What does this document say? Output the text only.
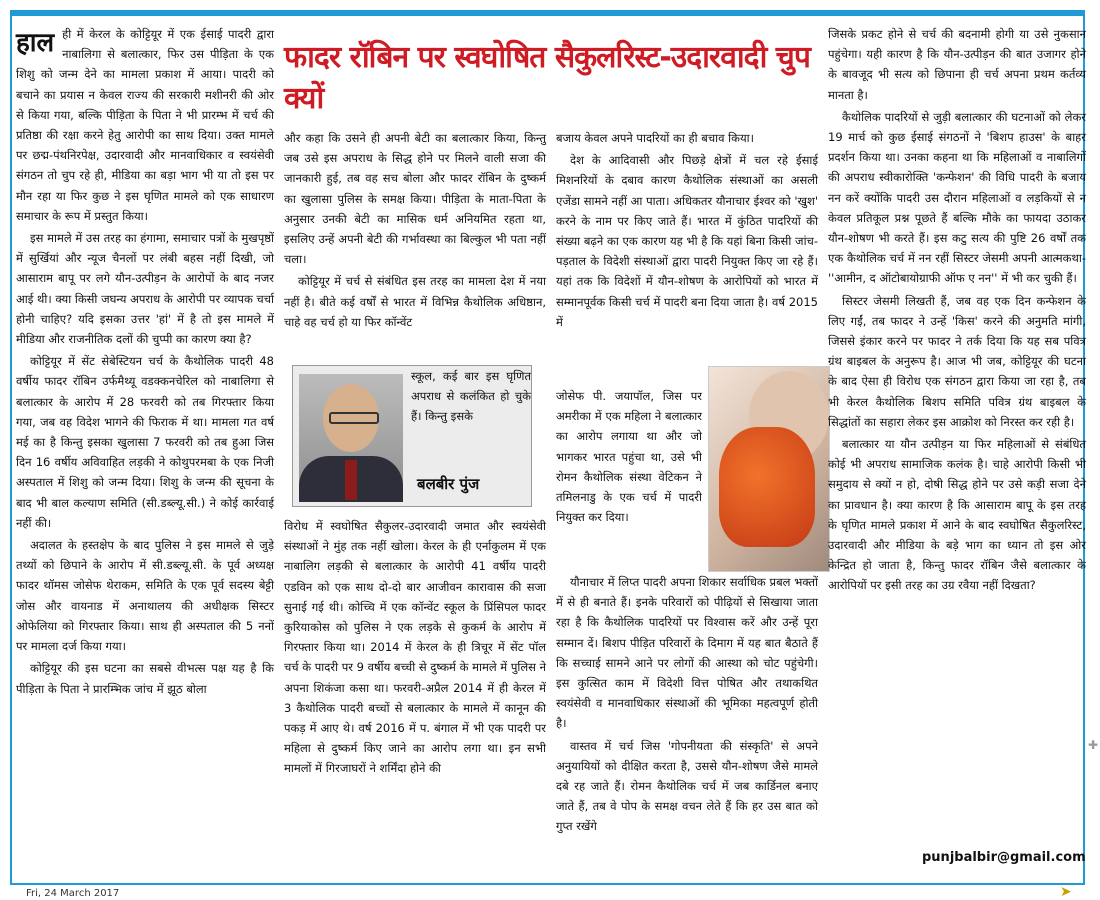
फादर रॉबिन पर स्वघोषित सैकुलरिस्ट-उदारवादी चुप क्यों

हाल ही में केरल के कोट्टियूर में एक ईसाई पादरी द्वारा नाबालिगा से बलात्कार, फिर उस पीड़िता के एक शिशु को जन्म देने का मामला प्रकाश में आया। पादरी को बचाने का प्रयास न केवल राज्य की सरकारी मशीनरी की ओर से किया गया, बल्कि पीड़िता के पिता ने भी प्रारम्भ में चर्च की प्रतिष्ठा की रक्षा करने हेतु आरोपी का साथ दिया। उक्त मामले पर छद्म-पंथनिरपेक्ष, उदारवादी और मानवाधिकार व स्वयंसेवी संगठन तो चुप रहे ही, मीडिया का बड़ा भाग भी या तो इस पर मौन रहा या फिर कुछ ने इस घृणित मामले को एक साधारण समाचार के रूप में प्रस्तुत किया।

इस मामले में उस तरह का हंगामा, समाचार पत्रों के मुखपृष्ठों में सुर्खियां और न्यूज चैनलों पर लंबी बहस नहीं दिखी, जो आसाराम बापू पर लगे यौन-उत्पीड़न के आरोपों के बाद नजर आई थी। क्या किसी जघन्य अपराध के आरोपी पर व्यापक चर्चा होनी चाहिए? यदि इसका उत्तर 'हां' में है तो इस मामले में मीडिया और राजनीतिक दलों की चुप्पी का कारण क्या है?

कोट्टियूर में सेंट सेबेस्टियन चर्च के कैथोलिक पादरी 48 वर्षीय फादर रॉबिन उर्फमैथ्यू वडक्कनचेरिल को नाबालिगा से बलात्कार के आरोप में 28 फरवरी को तब गिरफ्तार किया गया, जब वह विदेश भागने की फिराक में था। मामला गत वर्ष मई का है किन्तु इसका खुलासा 7 फरवरी को तब हुआ जिस दिन 16 वर्षीय अविवाहित लड़की ने कोथुपरमबा के एक निजी अस्पताल में शिशु को जन्म दिया। शिशु के जन्म की सूचना के बाद भी बाल कल्याण समिति (सी.डब्ल्यू.सी.) ने कोई कार्रवाई नहीं की।

अदालत के हस्तक्षेप के बाद पुलिस ने इस मामले से जुड़े तथ्यों को छिपाने के आरोप में सी.डब्ल्यू.सी. के पूर्व अध्यक्ष फादर थॉमस जोसेफ थेराकम, समिति के एक पूर्व सदस्य बेट्टी जोस और वायनाड में अनाथालय की अधीक्षक सिस्टर ओफेलिया को गिरफ्तार किया। साथ ही अस्पताल की 5 ननों पर मामला दर्ज किया गया।

कोट्टियूर की इस घटना का सबसे वीभत्स पक्ष यह है कि पीड़िता के पिता ने प्रारम्भिक जांच में झूठ बोला

और कहा कि उसने ही अपनी बेटी का बलात्कार किया, किन्तु जब उसे इस अपराध के सिद्ध होने पर मिलने वाली सजा की जानकारी हुई, तब वह सच बोला और फादर रॉबिन के दुष्कर्म का खुलासा पुलिस के समक्ष किया। पीड़िता के माता-पिता के अनुसार उनकी बेटी का मासिक धर्म अनियमित रहता था, इसलिए उन्हें अपनी बेटी की गर्भावस्था का बिल्कुल भी पता नहीं चला।

कोट्टियूर में चर्च से संबंधित इस तरह का मामला देश में नया नहीं है। बीते कई वर्षों से भारत में विभिन्न कैथोलिक अधिष्ठान, चाहे वह चर्च हो या फिर कॉन्वेंट

स्कूल, कई बार इस घृणित अपराध से कलंकित हो चुके हैं। किन्तु इसके

बलबीर पुंज

विरोध में स्वघोषित सैकुलर-उदारवादी जमात और स्वयंसेवी संस्थाओं ने मुंह तक नहीं खोला। केरल के ही एर्नाकुलम में एक नाबालिग लड़की से बलात्कार के आरोपी 41 वर्षीय पादरी एडविन को एक साथ दो-दो बार आजीवन कारावास की सजा सुनाई गई थी। कोच्चि में एक कॉन्वेंट स्कूल के प्रिंसिपल फादर कुरियाकोस को पुलिस ने एक लड़के से कुकर्म के आरोप में गिरफ्तार किया था। 2014 में केरल के ही त्रिचूर में सेंट पॉल चर्च के पादरी पर 9 वर्षीय बच्ची से दुष्कर्म के मामले में पुलिस ने अपना शिकंजा कसा था। फरवरी-अप्रैल 2014 में ही केरल में 3 कैथोलिक पादरी बच्चों से बलात्कार के मामले में कानून की पकड़ में आए थे। वर्ष 2016 में प. बंगाल में भी एक पादरी पर महिला से दुष्कर्म किए जाने का आरोप लगा था। इन सभी मामलों में गिरजाघरों ने शर्मिंदा होने की

बजाय केवल अपने पादरियों का ही बचाव किया।

देश के आदिवासी और पिछड़े क्षेत्रों में चल रहे ईसाई मिशनरियों के दबाव कारण कैथोलिक संस्थाओं का असली एजेंडा सामने नहीं आ पाता। अधिकतर यौनाचार ईश्वर को 'खुश' करने के नाम पर किए जाते हैं। भारत में कुंठित पादरियों की संख्या बढ़ने का एक कारण यह भी है कि यहां बिना किसी जांच-पड़ताल के विदेशी संस्थाओं द्वारा पादरी नियुक्त किए जा रहे हैं। यहां तक कि विदेशों में यौन-शोषण के आरोपियों को भारत में सम्मानपूर्वक किसी चर्च में पादरी बना दिया जाता है। वर्ष 2015 में

जोसेफ पी. जयापॉल, जिस पर अमरीका में एक महिला ने बलात्कार का आरोप लगाया था और जो भागकर भारत पहुंचा था, उसे भी रोमन कैथोलिक संस्था वेटिकन ने तमिलनाडु के एक चर्च में पादरी नियुक्त कर दिया।

यौनाचार में लिप्त पादरी अपना शिकार सर्वाधिक प्रबल भक्तों में से ही बनाते हैं। इनके परिवारों को पीढ़ियों से सिखाया जाता रहा है कि कैथोलिक पादरियों पर विश्वास करें और उन्हें पूरा सम्मान दें। बिशप पीड़ित परिवारों के दिमाग में यह बात बैठाते हैं कि सच्चाई सामने आने पर लोगों की आस्था को चोट पहुंचेगी। इस कुत्सित काम में विदेशी वित्त पोषित और तथाकथित स्वयंसेवी व मानवाधिकार संस्थाओं की भूमिका महत्वपूर्ण होती है।

वास्तव में चर्च जिस 'गोपनीयता की संस्कृति' से अपने अनुयायियों को दीक्षित करता है, उससे यौन-शोषण जैसे मामले दबे रह जाते हैं। रोमन कैथोलिक चर्च में जब कार्डिनल बनाए जाते हैं, तब वे पोप के समक्ष वचन लेते हैं कि हर उस बात को गुप्त रखेंगे

जिसके प्रकट होने से चर्च की बदनामी होगी या उसे नुकसान पहुंचेगा। यही कारण है कि यौन-उत्पीड़न की बात उजागर होने के बावजूद भी सत्य को छिपाना ही चर्च अपना प्रथम कर्तव्य मानता है।

कैथोलिक पादरियों से जुड़ी बलात्कार की घटनाओं को लेकर 19 मार्च को कुछ ईसाई संगठनों ने 'बिशप हाउस' के बाहर प्रदर्शन किया था। उनका कहना था कि महिलाओं व नाबालिगों की अपराध स्वीकारोक्ति 'कन्फेशन' की विधि पादरी के बजाय नन करें क्योंकि पादरी उस दौरान महिलाओं व लड़कियों से न केवल प्रतिकूल प्रश्न पूछते हैं बल्कि मौके का फायदा उठाकर यौन-शोषण भी करते हैं। इस कटु सत्य की पुष्टि 26 वर्षों तक एक कैथोलिक चर्च में नन रहीं सिस्टर जेसमी अपनी आत्मकथा-''आमीन, द ऑटोबायोग्राफी ऑफ ए नन'' में भी कर चुकी हैं।

सिस्टर जेसमी लिखती हैं, जब वह एक दिन कन्फेशन के लिए गईं, तब फादर ने उन्हें 'किस' करने की अनुमति मांगी, जिससे इंकार करने पर फादर ने तर्क दिया कि यह सब पवित्र ग्रंथ बाइबल के अनुरूप है। आज भी जब, कोट्टियूर की घटना के बाद ऐसा ही विरोध एक संगठन द्वारा किया जा रहा है, तब भी केरल कैथोलिक बिशप समिति पवित्र ग्रंथ बाइबल के सिद्धांतों का सहारा लेकर इस आक्रोश को निरस्त कर रही है।

बलात्कार या यौन उत्पीड़न या फिर महिलाओं से संबंधित कोई भी अपराध सामाजिक कलंक है। चाहे आरोपी किसी भी समुदाय से क्यों न हो, दोषी सिद्ध होने पर उसे कड़ी सजा देने का प्रावधान है। क्या कारण है कि आसाराम बापू के इस तरह के घृणित मामले प्रकाश में आने के बाद स्वघोषित सैकुलरिस्ट, उदारवादी और मीडिया के बड़े भाग का ध्यान तो इस ओर केन्द्रित हो जाता है, किन्तु फादर रॉबिन जैसे बलात्कार के आरोपियों पर इसी तरह का उग्र रवैया नहीं दिखता?

punjbalbir@gmail.com
Fri, 24 March 2017	➤
✚
